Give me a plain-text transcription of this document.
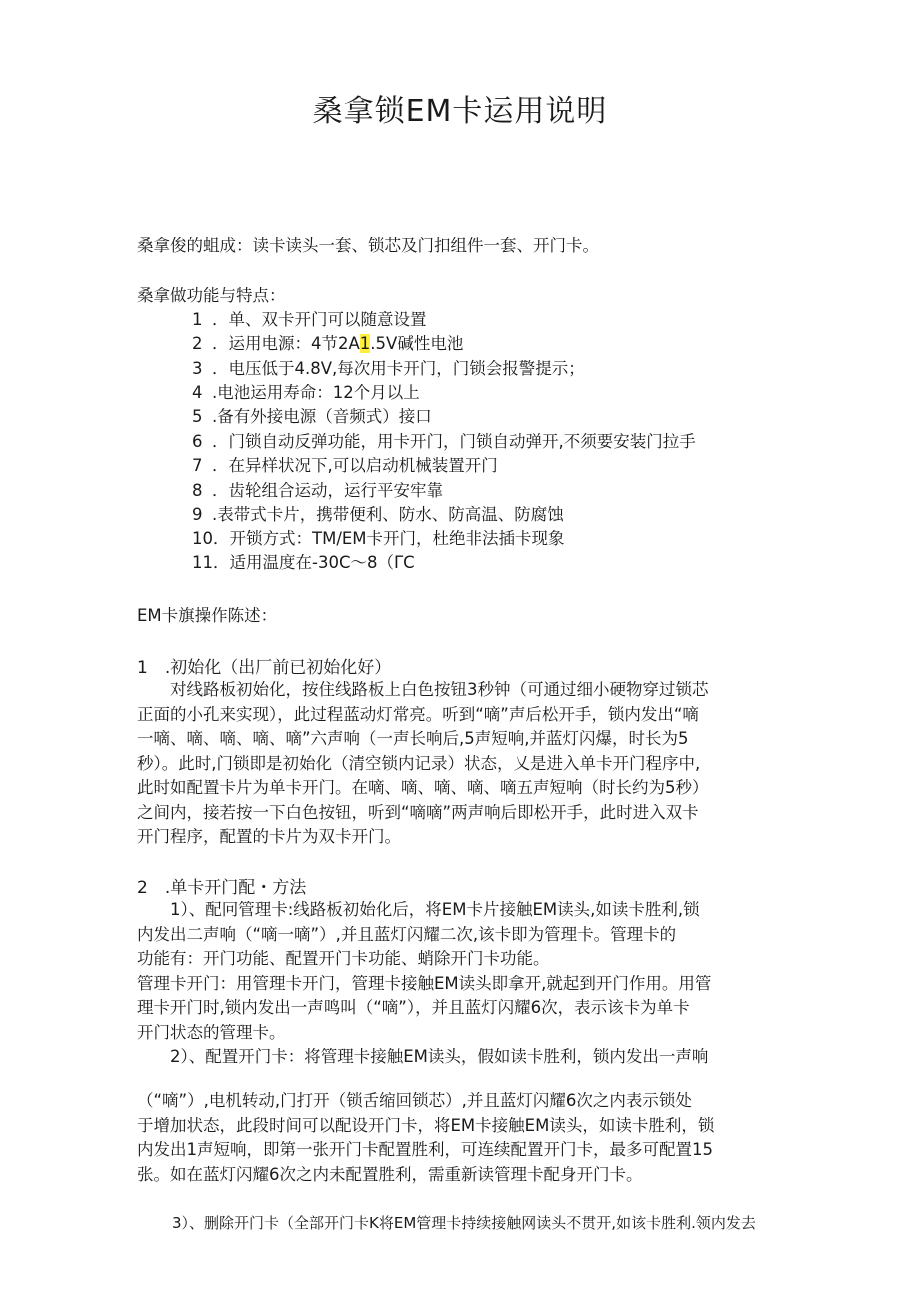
桑拿锁EM卡运用说明
桑拿俊的蛆成：读卡读头一套、锁芯及门扣组件一套、开门卡。
桑拿做功能与特点：
1 ．单、双卡开门可以随意设置
2 ．运用电源：4节2A1.5V碱性电池
3 ．电压低于4.8V,每次用卡开门，门锁会报警提示；
4 .电池运用寿命：12个月以上
5 .备有外接电源（音频式）接口
6 ．门锁自动反弹功能，用卡开门，门锁自动弹开,不须要安装门拉手
7 ．在异样状况下,可以启动机械装置开门
8 ．齿轮组合运动，运行平安牢靠
9 .表带式卡片，携带便利、防水、防高温、防腐蚀
10．开锁方式：TM/EM卡开门，杜绝非法插卡现象
11．适用温度在-30C〜8（ΓC
EM卡旗操作陈述：
1　.初始化（出厂前已初始化好）
　　对线路板初始化，按住线路板上白色按钮3秒钟（可通过细小硬物穿过锁芯
正面的小孔来实现），此过程蓝动灯常亮。听到“嘀”声后松开手，锁内发出“嘀
一嘀、嘀、嘀、嘀、嘀”六声响（一声长响后,5声短响,并蓝灯闪爆，时长为5
秒）。此时,门锁即是初始化（清空锁内记录）状态，乂是进入单卡开门程序中,
此时如配置卡片为单卡开门。在嘀、嘀、嘀、嘀、嘀五声短响（时长约为5秒）
之间内，接若按一下白色按钮，听到“嘀嘀”两声响后即松开手，此时进入双卡
开门程序，配置的卡片为双卡开门。
2　.单卡开门配・方法
　　1）、配冋管理卡:线路板初始化后，将EM卡片接触EM读头,如读卡胜利,锁
内发出二声响（“嘀一嘀”）,并且蓝灯闪耀二次,该卡即为管理卡。管理卡的
功能有：开门功能、配置开门卡功能、蛸除开门卡功能。
管理卡开门：用管理卡开门，管理卡接触EM读头即拿开,就起到开门作用。用管
理卡开门时,锁内发出一声鸣叫（“嘀”），并且蓝灯闪耀6次，表示该卡为单卡
开门状态的管理卡。
　　2）、配置开门卡：将管理卡接触EM读头，假如读卡胜利，锁内发出一声响
（“嘀”）,电机转动,门打开（锁舌缩回锁芯）,并且蓝灯闪耀6次之内表示锁处
于增加状态，此段时间可以配设开门卡，将EM卡接触EM读头，如读卡胜利，锁
内发出1声短响，即第一张开门卡配置胜利，可连续配置开门卡，最多可配置15
张。如在蓝灯闪耀6次之内未配置胜利，需重新读管理卡配身开门卡。
3）、删除开门卡（全部开门卡K将EM管理卡持续接触网读头不贯开,如该卡胜利.领内发去
